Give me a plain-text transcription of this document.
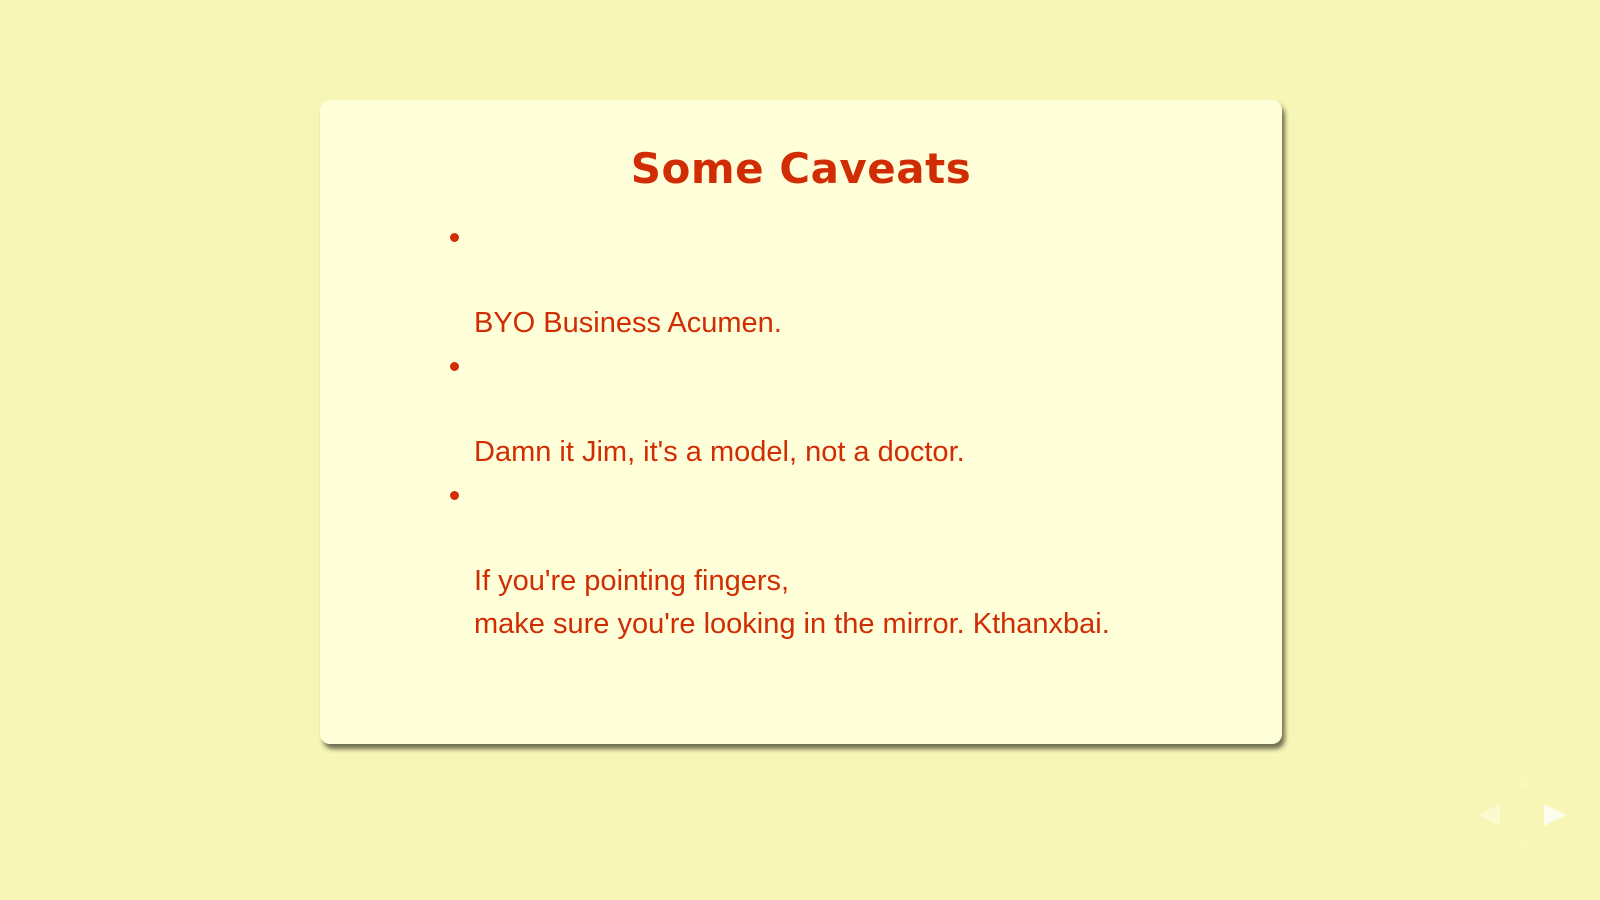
Some Caveats

BYO Business Acumen.

Damn it Jim, it's a model, not a doctor.

If you're pointing fingers,
make sure you're looking in the mirror. Kthanxbai.
